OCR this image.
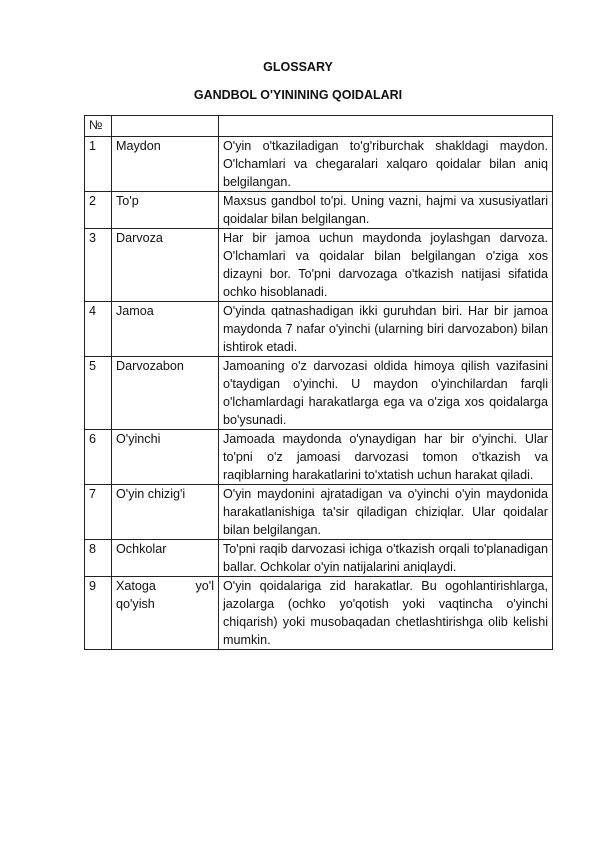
GLOSSARY
GANDBOL O'YININING QOIDALARI
№		
1	Maydon	O'yin o'tkaziladigan to'g'riburchak shakldagi maydon. O'lchamlari va chegaralari xalqaro qoidalar bilan aniq belgilangan.
2	To'p	Maxsus gandbol to'pi. Uning vazni, hajmi va xususiyatlari qoidalar bilan belgilangan.
3	Darvoza	Har bir jamoa uchun maydonda joylashgan darvoza. O'lchamlari va qoidalar bilan belgilangan o'ziga xos dizayni bor. To'pni darvozaga o'tkazish natijasi sifatida ochko hisoblanadi.
4	Jamoa	O'yinda qatnashadigan ikki guruhdan biri. Har bir jamoa maydonda 7 nafar o'yinchi (ularning biri darvozabon) bilan ishtirok etadi.
5	Darvozabon	Jamoaning o'z darvozasi oldida himoya qilish vazifasini o'taydigan o'yinchi. U maydon o'yinchilardan farqli o'lchamlardagi harakatlarga ega va o'ziga xos qoidalarga bo'ysunadi.
6	O'yinchi	Jamoada maydonda o'ynaydigan har bir o'yinchi. Ular to'pni o'z jamoasi darvozasi tomon o'tkazish va raqiblarning harakatlarini to'xtatish uchun harakat qiladi.
7	O'yin chizig'i	O'yin maydonini ajratadigan va o'yinchi o'yin maydonida harakatlanishiga ta'sir qiladigan chiziqlar. Ular qoidalar bilan belgilangan.
8	Ochkolar	To'pni raqib darvozasi ichiga o'tkazish orqali to'planadigan ballar. Ochkolar o'yin natijalarini aniqlaydi.
9	Xatoga yo'l qo'yish	O'yin qoidalariga zid harakatlar. Bu ogohlantirishlarga, jazolarga (ochko yo'qotish yoki vaqtincha o'yinchi chiqarish) yoki musobaqadan chetlashtirishga olib kelishi mumkin.
